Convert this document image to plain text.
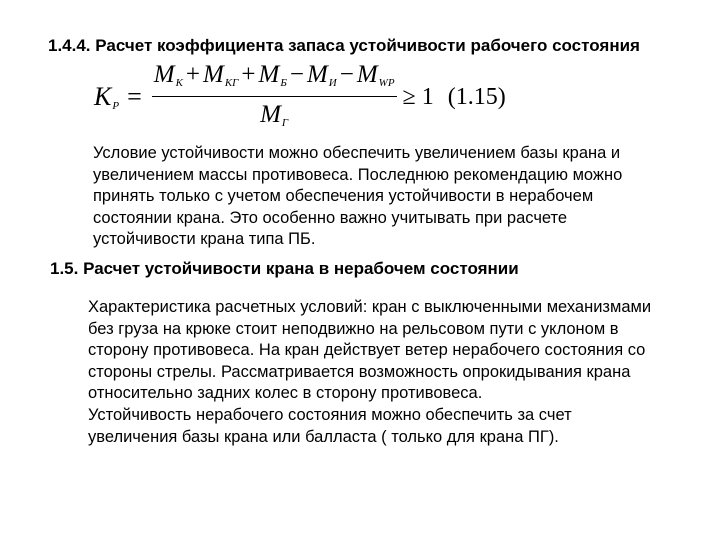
1.4.4. Расчет коэффициента запаса устойчивости рабочего состояния
KP = $\frac{\text{MК + MКГ + MБ − MИ − MWP}}{MГ} \ge 1$ (1.15)
Условие устойчивости можно обеспечить увеличением базы крана и
увеличением массы противовеса. Последнюю рекомендацию можно
принять только с учетом обеспечения устойчивости в нерабочем
состоянии крана. Это особенно важно учитывать при расчете
устойчивости крана типа ПБ.
1.5. Расчет устойчивости крана в нерабочем состоянии
Характеристика расчетных условий: кран с выключенными механизмами
без груза на крюке стоит неподвижно на рельсовом пути с уклоном в
сторону противовеса. На кран действует ветер нерабочего состояния со
стороны стрелы. Рассматривается возможность опрокидывания крана
относительно задних колес в сторону противовеса.
Устойчивость нерабочего состояния можно обеспечить за счет
увеличения базы крана или балласта ( только для крана ПГ).
